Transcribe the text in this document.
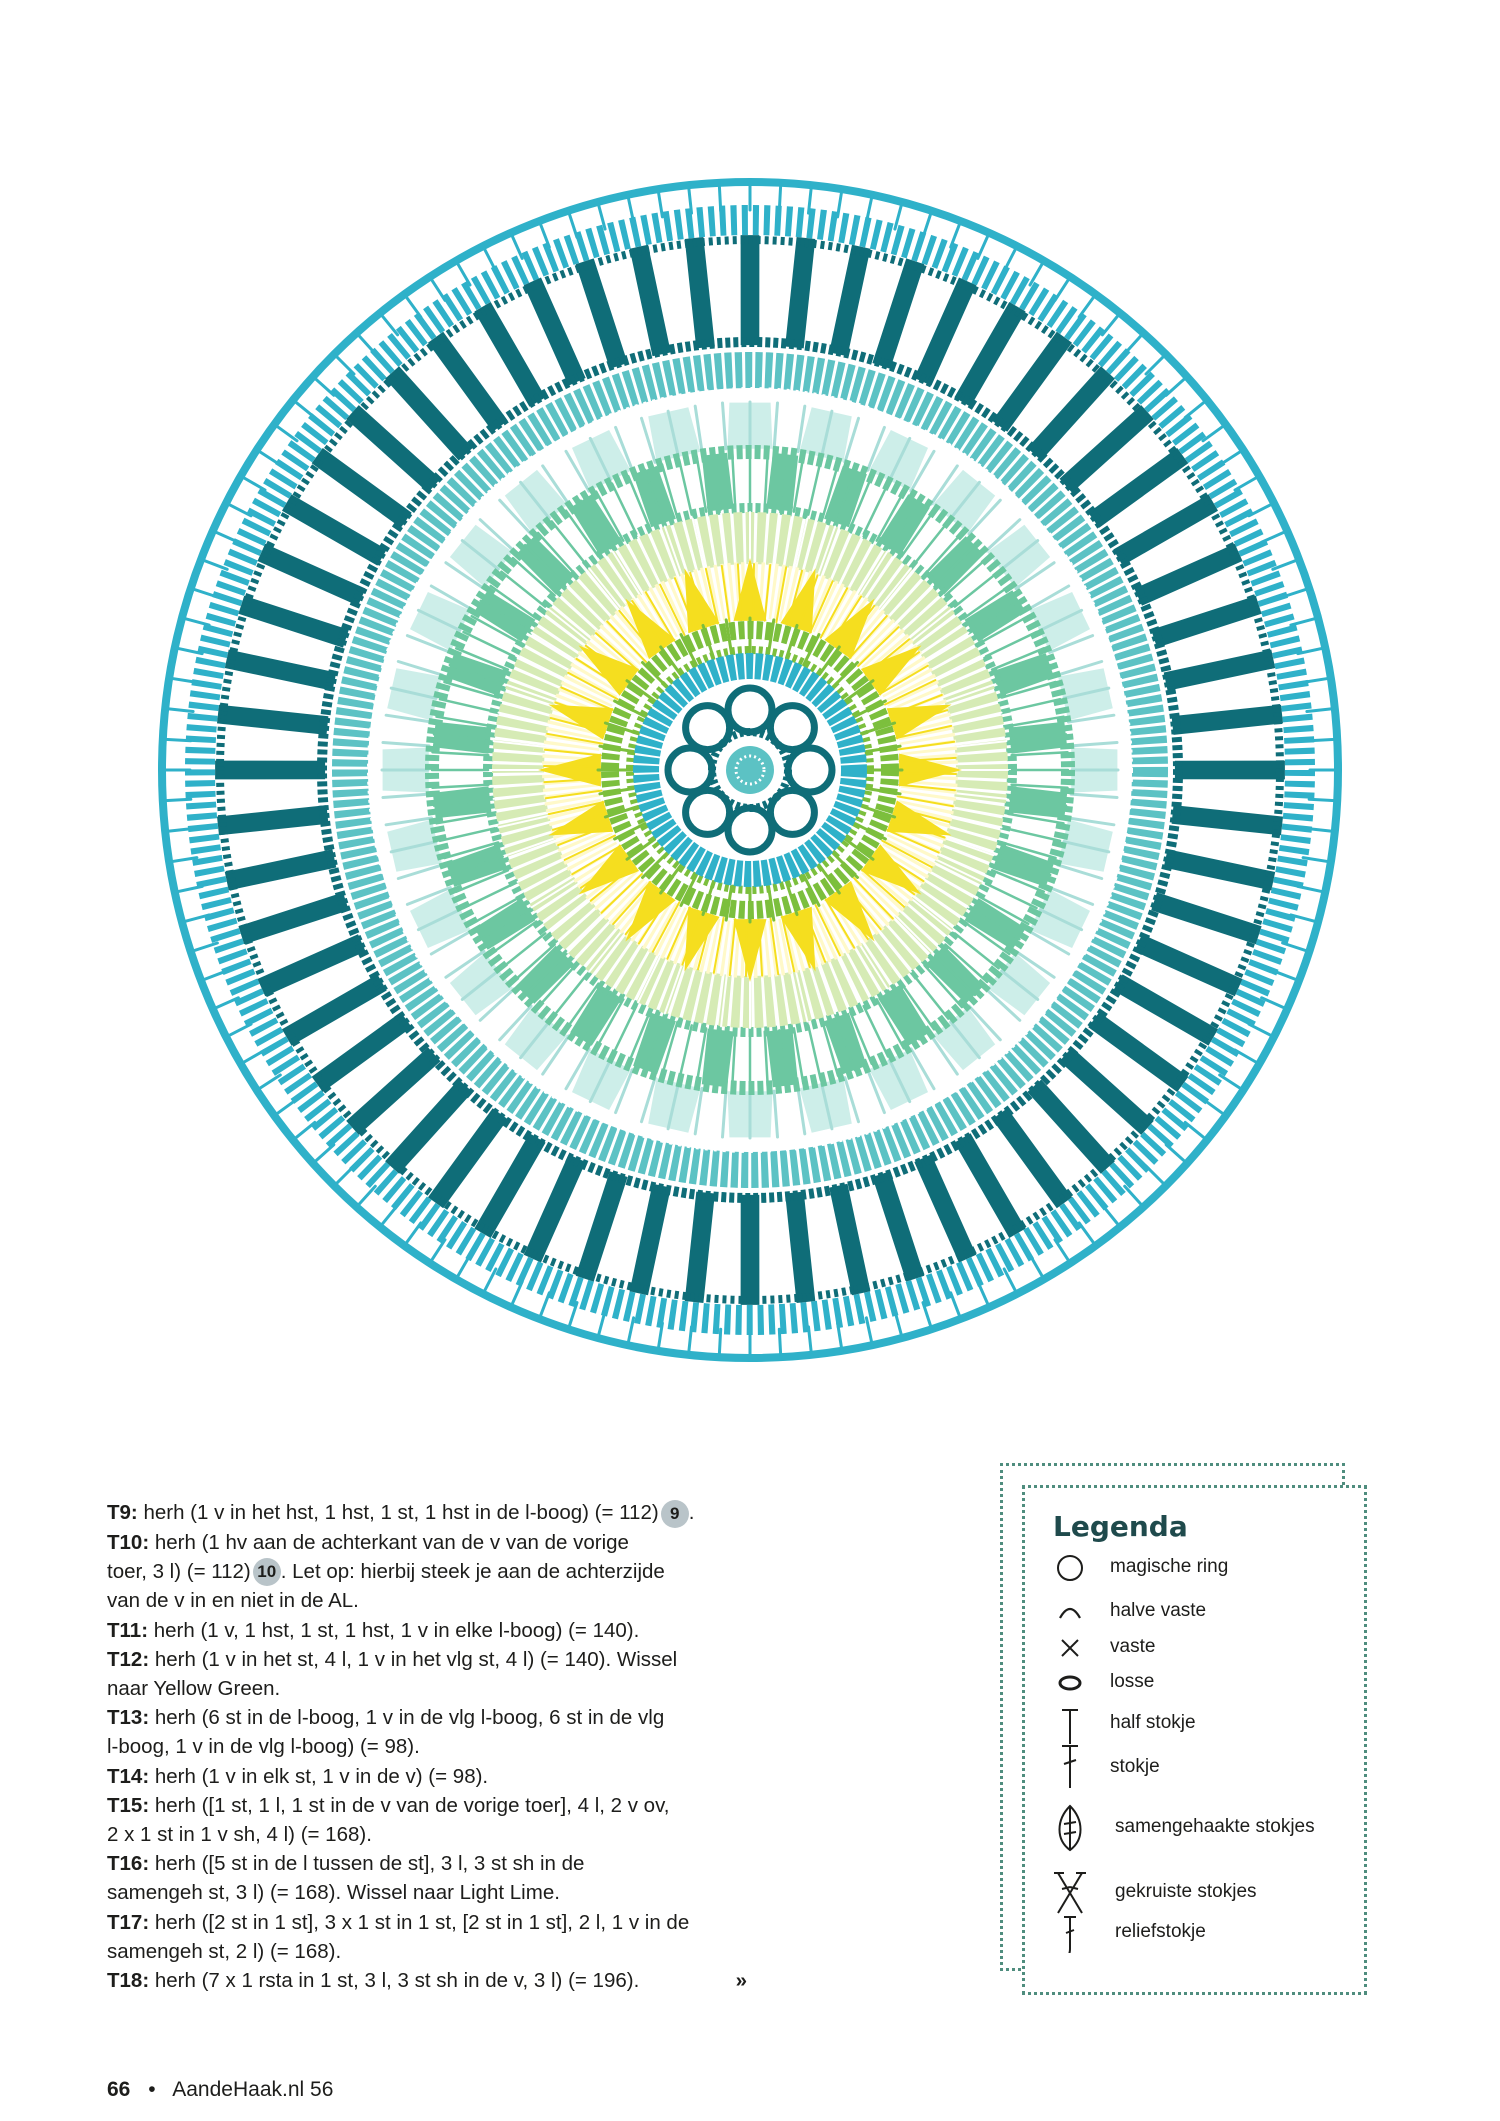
T9: herh (1 v in het hst, 1 hst, 1 st, 1 hst in de l-boog) (= 112) 9 .
T10: herh (1 hv aan de achterkant van de v van de vorige
toer, 3 l) (= 112) 10 . Let op: hierbij steek je aan de achterzijde
van de v in en niet in de AL.
T11: herh (1 v, 1 hst, 1 st, 1 hst, 1 v in elke l-boog) (= 140).
T12: herh (1 v in het st, 4 l, 1 v in het vlg st, 4 l) (= 140). Wissel
naar Yellow Green.
T13: herh (6 st in de l-boog, 1 v in de vlg l-boog, 6 st in de vlg
l-boog, 1 v in de vlg l-boog) (= 98).
T14: herh (1 v in elk st, 1 v in de v) (= 98).
T15: herh ([1 st, 1 l, 1 st in de v van de vorige toer], 4 l, 2 v ov,
2 x 1 st in 1 v sh, 4 l) (= 168).
T16: herh ([5 st in de l tussen de st], 3 l, 3 st sh in de
samengeh st, 3 l) (= 168). Wissel naar Light Lime.
T17: herh ([2 st in 1 st], 3 x 1 st in 1 st, [2 st in 1 st], 2 l, 1 v in de
samengeh st, 2 l) (= 168).
T18: herh (7 x 1 rsta in 1 st, 3 l, 3 st sh in de v, 3 l) (= 196).	»
Legenda
magische ring
halve vaste
vaste
losse
half stokje
stokje
samengehaakte stokjes
gekruiste stokjes
reliefstokje
66 • AandeHaak.nl 56
